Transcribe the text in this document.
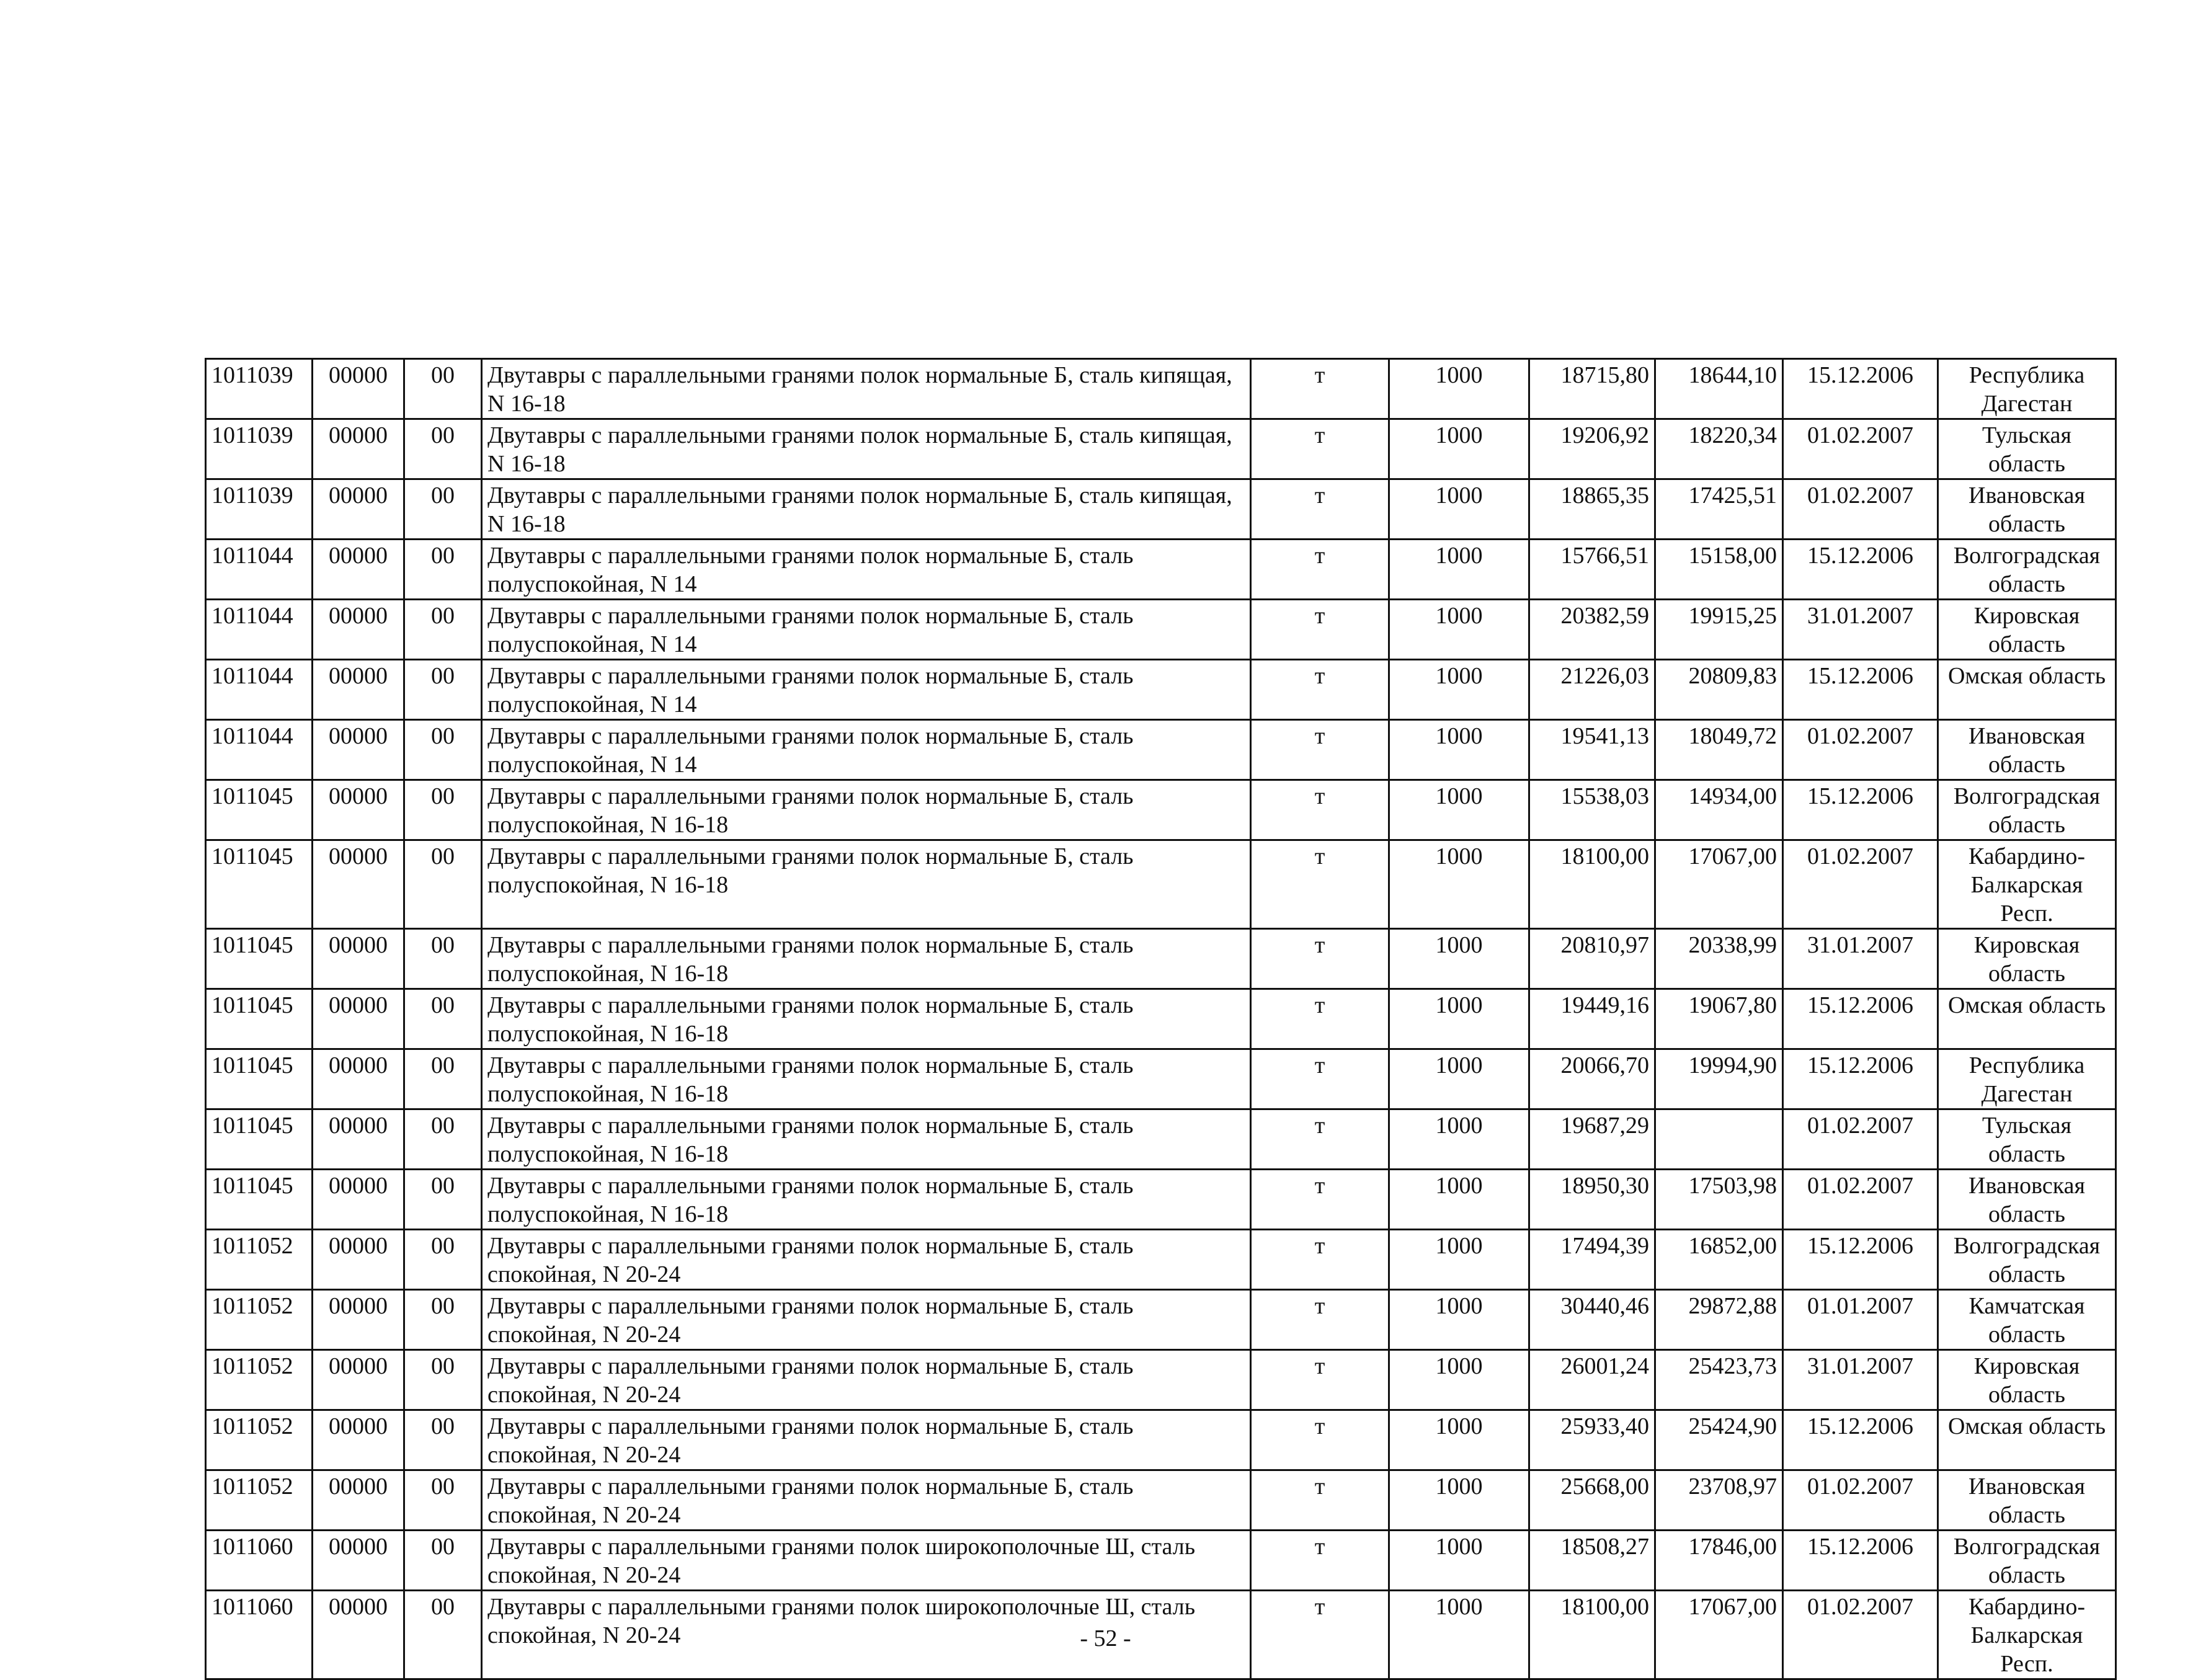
1011039	00000	00	Двутавры с параллельными гранями полок нормальные Б, сталь кипящая, N 16-18	т	1000	18715,80	18644,10	15.12.2006	Республика Дагестан
1011039	00000	00	Двутавры с параллельными гранями полок нормальные Б, сталь кипящая, N 16-18	т	1000	19206,92	18220,34	01.02.2007	Тульская область
1011039	00000	00	Двутавры с параллельными гранями полок нормальные Б, сталь кипящая, N 16-18	т	1000	18865,35	17425,51	01.02.2007	Ивановская область
1011044	00000	00	Двутавры с параллельными гранями полок нормальные Б, сталь полуспокойная, N 14	т	1000	15766,51	15158,00	15.12.2006	Волгоградская область
1011044	00000	00	Двутавры с параллельными гранями полок нормальные Б, сталь полуспокойная, N 14	т	1000	20382,59	19915,25	31.01.2007	Кировская область
1011044	00000	00	Двутавры с параллельными гранями полок нормальные Б, сталь полуспокойная, N 14	т	1000	21226,03	20809,83	15.12.2006	Омская область
1011044	00000	00	Двутавры с параллельными гранями полок нормальные Б, сталь полуспокойная, N 14	т	1000	19541,13	18049,72	01.02.2007	Ивановская область
1011045	00000	00	Двутавры с параллельными гранями полок нормальные Б, сталь полуспокойная, N 16-18	т	1000	15538,03	14934,00	15.12.2006	Волгоградская область
1011045	00000	00	Двутавры с параллельными гранями полок нормальные Б, сталь полуспокойная, N 16-18	т	1000	18100,00	17067,00	01.02.2007	Кабардино-Балкарская Респ.
1011045	00000	00	Двутавры с параллельными гранями полок нормальные Б, сталь полуспокойная, N 16-18	т	1000	20810,97	20338,99	31.01.2007	Кировская область
1011045	00000	00	Двутавры с параллельными гранями полок нормальные Б, сталь полуспокойная, N 16-18	т	1000	19449,16	19067,80	15.12.2006	Омская область
1011045	00000	00	Двутавры с параллельными гранями полок нормальные Б, сталь полуспокойная, N 16-18	т	1000	20066,70	19994,90	15.12.2006	Республика Дагестан
1011045	00000	00	Двутавры с параллельными гранями полок нормальные Б, сталь полуспокойная, N 16-18	т	1000	19687,29		01.02.2007	Тульская область
1011045	00000	00	Двутавры с параллельными гранями полок нормальные Б, сталь полуспокойная, N 16-18	т	1000	18950,30	17503,98	01.02.2007	Ивановская область
1011052	00000	00	Двутавры с параллельными гранями полок нормальные Б, сталь спокойная, N 20-24	т	1000	17494,39	16852,00	15.12.2006	Волгоградская область
1011052	00000	00	Двутавры с параллельными гранями полок нормальные Б, сталь спокойная, N 20-24	т	1000	30440,46	29872,88	01.01.2007	Камчатская область
1011052	00000	00	Двутавры с параллельными гранями полок нормальные Б, сталь спокойная, N 20-24	т	1000	26001,24	25423,73	31.01.2007	Кировская область
1011052	00000	00	Двутавры с параллельными гранями полок нормальные Б, сталь спокойная, N 20-24	т	1000	25933,40	25424,90	15.12.2006	Омская область
1011052	00000	00	Двутавры с параллельными гранями полок нормальные Б, сталь спокойная, N 20-24	т	1000	25668,00	23708,97	01.02.2007	Ивановская область
1011060	00000	00	Двутавры с параллельными гранями полок широкополочные Ш, сталь спокойная, N 20-24	т	1000	18508,27	17846,00	15.12.2006	Волгоградская область
1011060	00000	00	Двутавры с параллельными гранями полок широкополочные Ш, сталь спокойная, N 20-24	т	1000	18100,00	17067,00	01.02.2007	Кабардино-Балкарская Респ.
- 52 -
